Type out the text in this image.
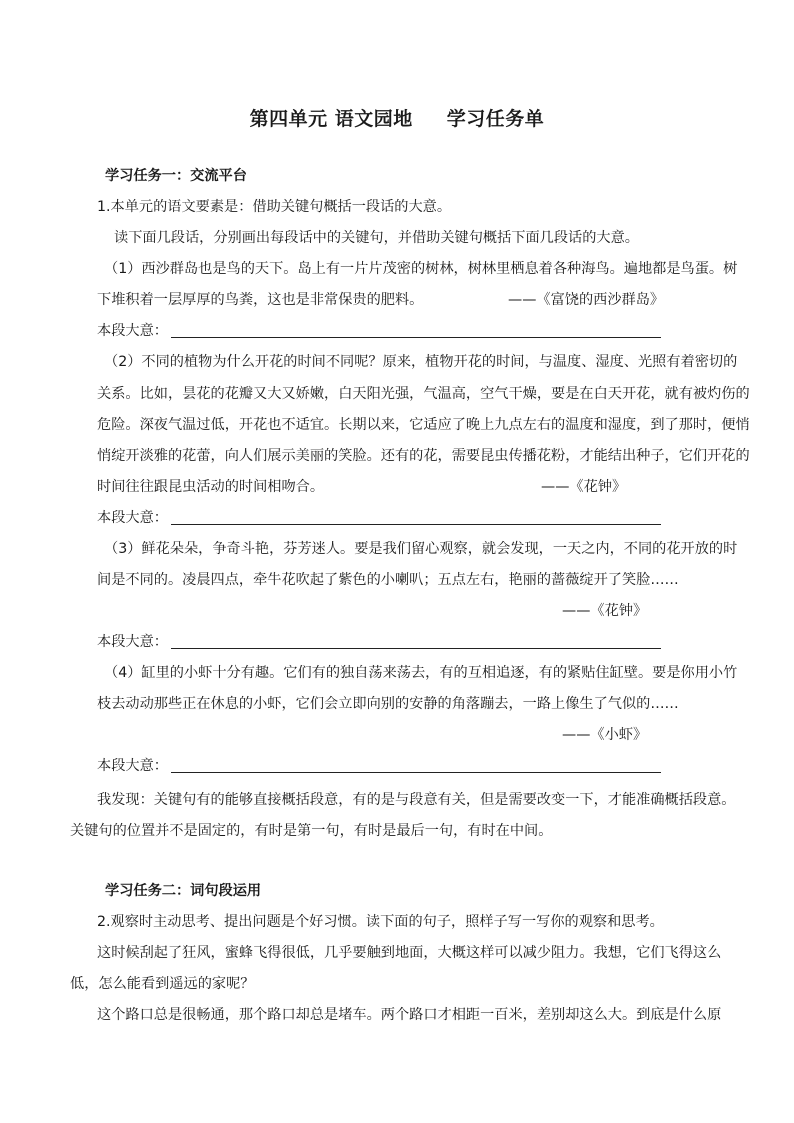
第四单元 语文园地 学习任务单
学习任务一：交流平台
1.本单元的语文要素是：借助关键句概括一段话的大意。
读下面几段话，分别画出每段话中的关键句，并借助关键句概括下面几段话的大意。
（1）西沙群岛也是鸟的天下。岛上有一片片茂密的树林，树林里栖息着各种海鸟。遍地都是鸟蛋。树
下堆积着一层厚厚的鸟粪，这也是非常保贵的肥料。	——《富饶的西沙群岛》
本段大意：
（2）不同的植物为什么开花的时间不同呢？原来，植物开花的时间，与温度、湿度、光照有着密切的
关系。比如，昙花的花瓣又大又娇嫩，白天阳光强，气温高，空气干燥，要是在白天开花，就有被灼伤的
危险。深夜气温过低，开花也不适宜。长期以来，它适应了晚上九点左右的温度和湿度，到了那时，便悄
悄绽开淡雅的花蕾，向人们展示美丽的笑脸。还有的花，需要昆虫传播花粉，才能结出种子，它们开花的
时间往往跟昆虫活动的时间相吻合。	——《花钟》
本段大意：
（3）鲜花朵朵，争奇斗艳，芬芳迷人。要是我们留心观察，就会发现，一天之内，不同的花开放的时
间是不同的。凌晨四点，牵牛花吹起了紫色的小喇叭；五点左右，艳丽的蔷薇绽开了笑脸……
——《花钟》
本段大意：
（4）缸里的小虾十分有趣。它们有的独自荡来荡去，有的互相追逐，有的紧贴住缸壁。要是你用小竹
枝去动动那些正在休息的小虾，它们会立即向别的安静的角落蹦去，一路上像生了气似的……
——《小虾》
本段大意：
我发现：关键句有的能够直接概括段意，有的是与段意有关，但是需要改变一下，才能准确概括段意。
关键句的位置并不是固定的，有时是第一句，有时是最后一句，有时在中间。
学习任务二：词句段运用
2.观察时主动思考、提出问题是个好习惯。读下面的句子，照样子写一写你的观察和思考。
这时候刮起了狂风，蜜蜂飞得很低，几乎要触到地面，大概这样可以减少阻力。我想，它们飞得这么
低，怎么能看到遥远的家呢？
这个路口总是很畅通，那个路口却总是堵车。两个路口才相距一百米，差别却这么大。到底是什么原
